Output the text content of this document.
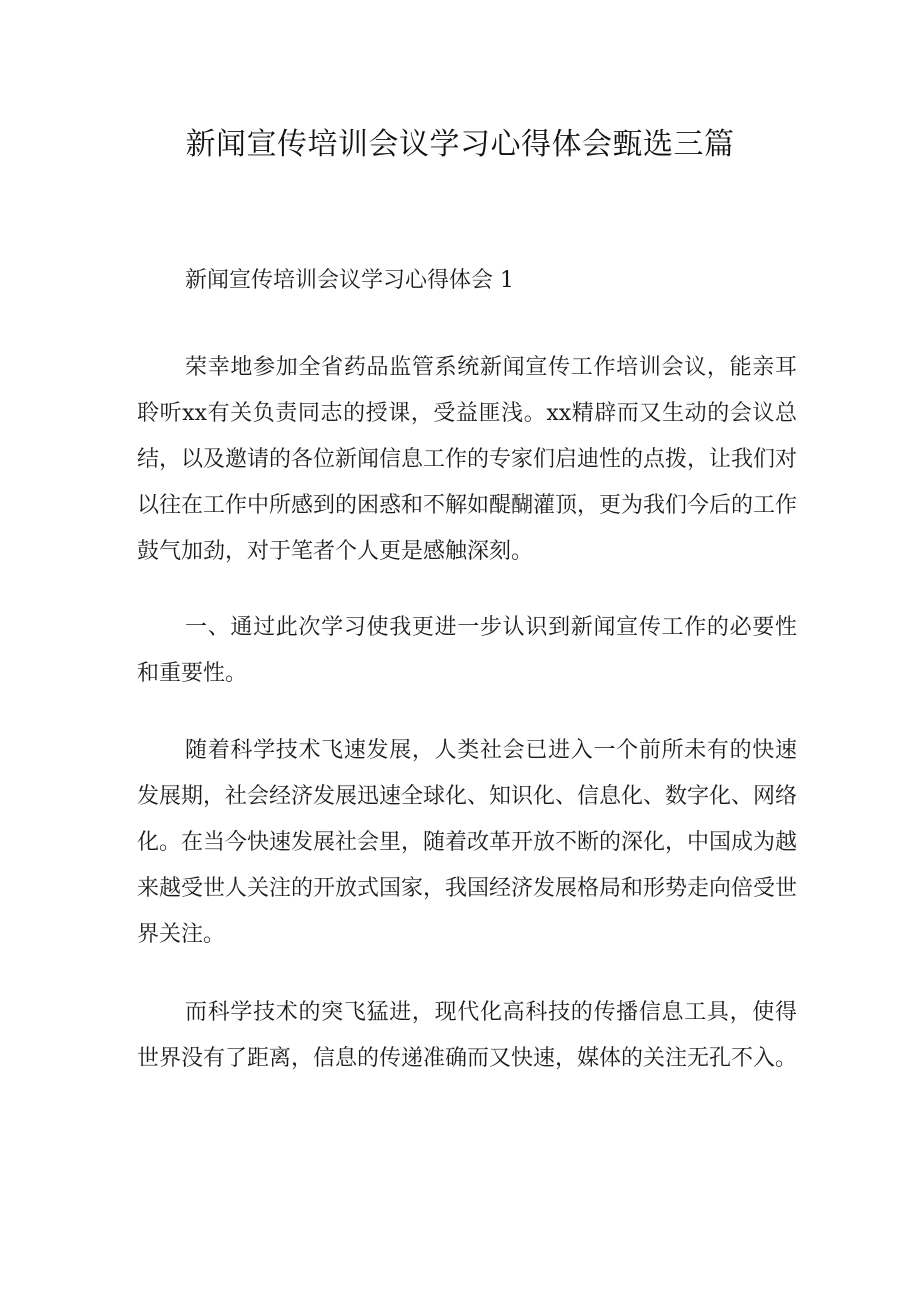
新闻宣传培训会议学习心得体会甄选三篇

新闻宣传培训会议学习心得体会 1

荣幸地参加全省药品监管系统新闻宣传工作培训会议，能亲耳聆听xx有关负责同志的授课，受益匪浅。xx精辟而又生动的会议总结，以及邀请的各位新闻信息工作的专家们启迪性的点拨，让我们对以往在工作中所感到的困惑和不解如醍醐灌顶，更为我们今后的工作鼓气加劲，对于笔者个人更是感触深刻。

一、通过此次学习使我更进一步认识到新闻宣传工作的必要性和重要性。

随着科学技术飞速发展，人类社会已进入一个前所未有的快速发展期，社会经济发展迅速全球化、知识化、信息化、数字化、网络化。在当今快速发展社会里，随着改革开放不断的深化，中国成为越来越受世人关注的开放式国家，我国经济发展格局和形势走向倍受世界关注。

而科学技术的突飞猛进，现代化高科技的传播信息工具，使得世界没有了距离，信息的传递准确而又快速，媒体的关注无孔不入。
